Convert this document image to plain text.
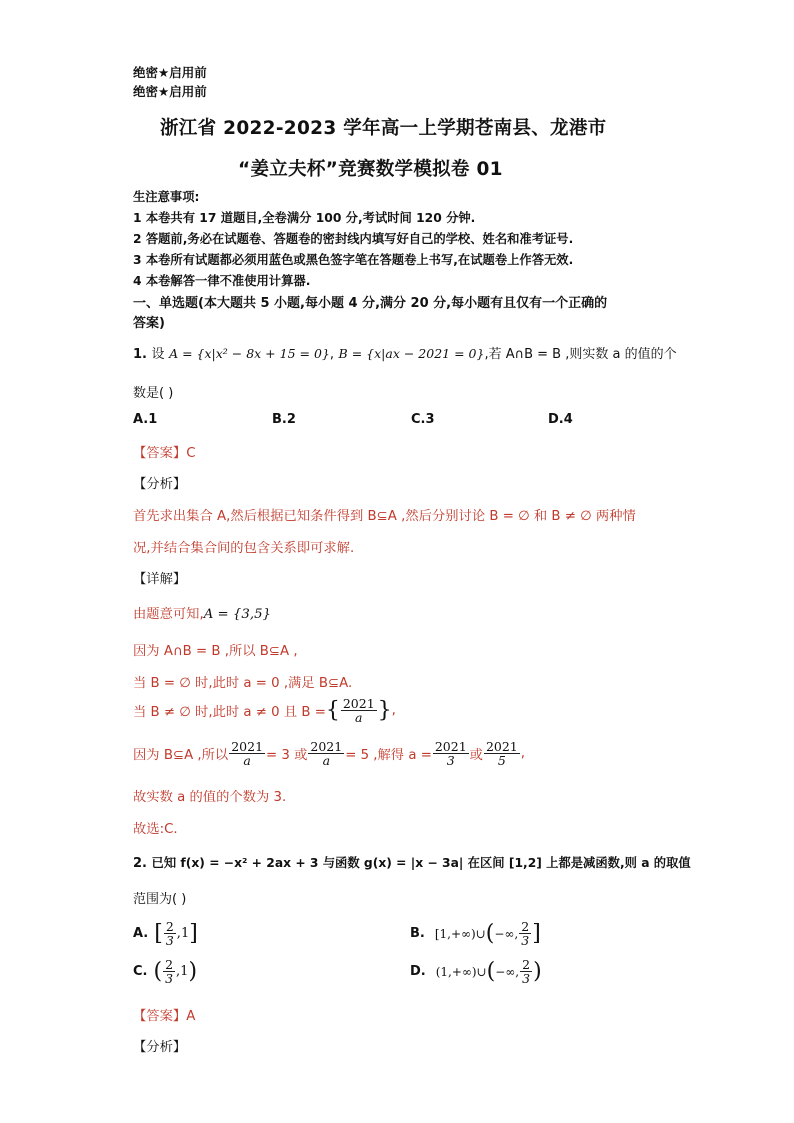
绝密★启用前
绝密★启用前
浙江省 2022-2023 学年高一上学期苍南县、龙港市
“姜立夫杯”竞赛数学模拟卷 01
生注意事项:
1 本卷共有 17 道题目,全卷满分 100 分,考试时间 120 分钟.
2 答题前,务必在试题卷、答题卷的密封线内填写好自己的学校、姓名和准考证号.
3 本卷所有试题都必须用蓝色或黑色签字笔在答题卷上书写,在试题卷上作答无效.
4 本卷解答一律不准使用计算器.
一、单选题(本大题共 5 小题,每小题 4 分,满分 20 分,每小题有且仅有一个正确的
答案)
1. 设 A = {x|x² − 8x + 15 = 0}, B = {x|ax − 2021 = 0},若 A∩B = B ,则实数 a 的值的个
数是( )
A.1	B.2	C.3	D.4
【答案】C
【分析】
首先求出集合 A,然后根据已知条件得到 B⊆A ,然后分别讨论 B = ∅ 和 B ≠ ∅ 两种情
况,并结合集合间的包含关系即可求解.
【详解】
由题意可知,A = {3,5}
因为 A∩B = B ,所以 B⊆A ,
当 B = ∅ 时,此时 a = 0 ,满足 B⊆A.
当 B ≠ ∅ 时,此时 a ≠ 0 且 B = { $\frac{2021}{a}$ } ,
因为 B⊆A ,所以 $\frac{2021}{a} = 3$ 或 $\frac{2021}{a} = 5$ ,解得 $a = \frac{2021}{3}$ 或 $\frac{2021}{5}$ ,
故实数 a 的值的个数为 3.
故选:C.
2. 已知 f(x) = −x² + 2ax + 3 与函数 g(x) = |x − 3a| 在区间 [1,2] 上都是减函数,则 a 的取值
范围为( )
A. [ $\frac{2}{3}$ , 1 ]	B. [1,+∞)∪ ( −∞, $\frac{2}{3}$ ]
C. ( $\frac{2}{3}$ , 1 )	D. (1,+∞)∪ ( −∞, $\frac{2}{3}$ )
【答案】A
【分析】
